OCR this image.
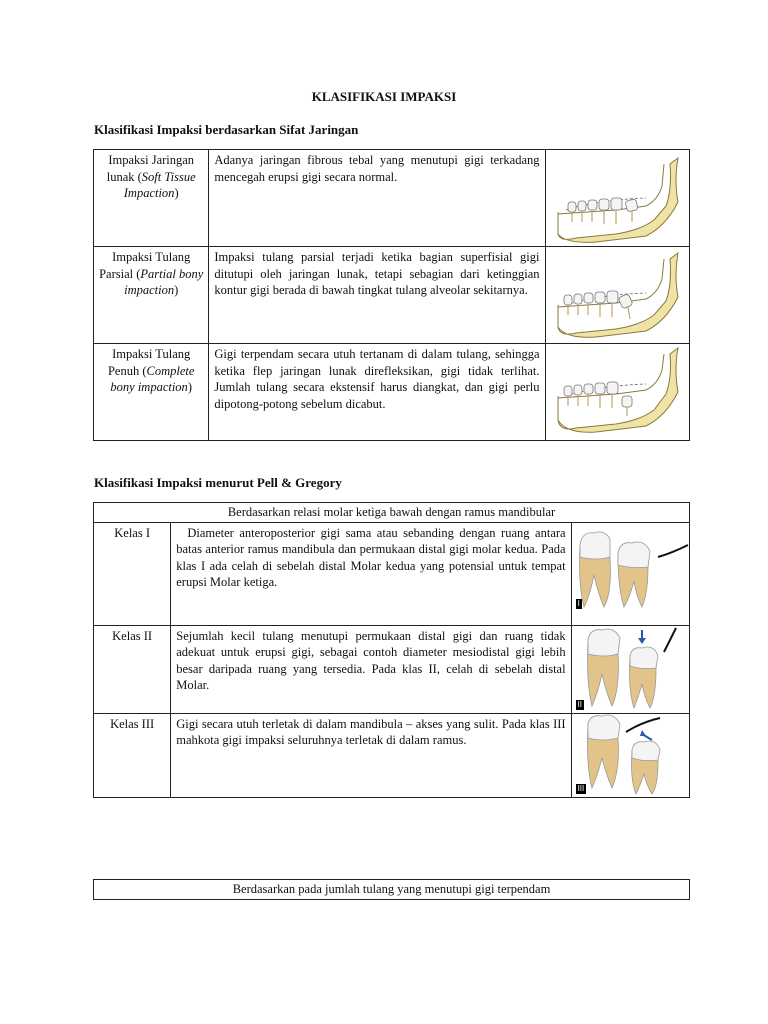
KLASIFIKASI IMPAKSI
Klasifikasi Impaksi berdasarkan Sifat Jaringan
Impaksi Jaringan lunak (Soft Tissue Impaction)	Adanya jaringan fibrous tebal yang menutupi gigi terkadang mencegah erupsi gigi secara normal.	

Impaksi Tulang Parsial (Partial bony impaction)	Impaksi tulang parsial terjadi ketika bagian superfisial gigi ditutupi oleh jaringan lunak, tetapi sebagian dari ketinggian kontur gigi berada di bawah tingkat tulang alveolar sekitarnya.	

Impaksi Tulang Penuh (Complete bony impaction)	Gigi terpendam secara utuh tertanam di dalam tulang, sehingga ketika flep jaringan lunak direfleksikan, gigi tidak terlihat. Jumlah tulang secara ekstensif harus diangkat, dan gigi perlu dipotong-potong sebelum dicabut.	
Klasifikasi Impaksi menurut Pell & Gregory
Berdasarkan relasi molar ketiga bawah dengan ramus mandibular		
Kelas I	Diameter anteroposterior gigi sama atau sebanding dengan ruang antara batas anterior ramus mandibula dan permukaan distal gigi molar kedua. Pada klas I ada celah di sebelah distal Molar kedua yang potensial untuk tempat erupsi Molar ketiga.	I

Kelas II	Sejumlah kecil tulang menutupi permukaan distal gigi dan ruang tidak adekuat untuk erupsi gigi, sebagai contoh diameter mesiodistal gigi lebih besar daripada ruang yang tersedia. Pada klas II, celah di sebelah distal Molar.	II

Kelas III	Gigi secara utuh terletak di dalam mandibula – akses yang sulit. Pada klas III mahkota gigi impaksi seluruhnya terletak di dalam ramus.	III
Berdasarkan pada jumlah tulang yang menutupi gigi terpendam
